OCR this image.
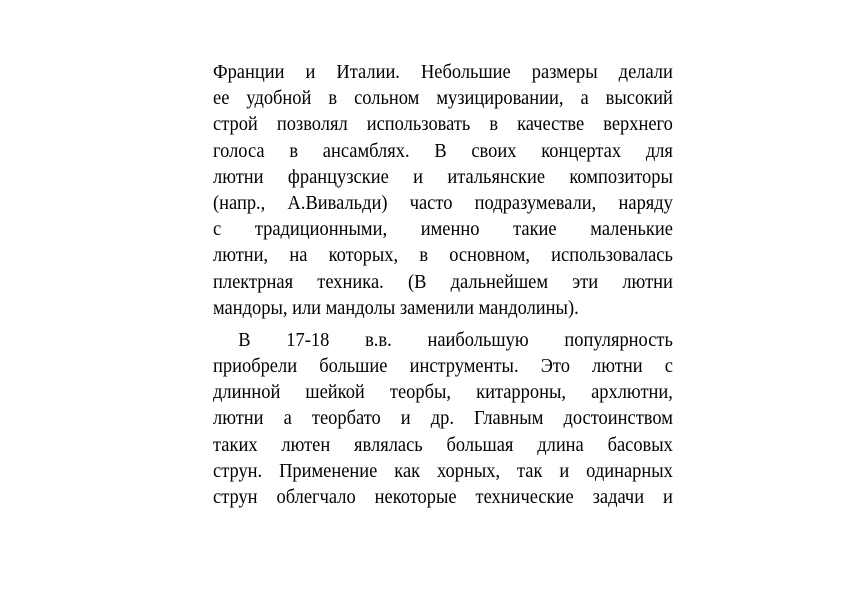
Франции и Италии. Небольшие размеры делали
ее удобной в сольном музицировании, а высокий
строй позволял использовать в качестве верхнего
голоса в ансамблях. В своих концертах для
лютни французские и итальянские композиторы
(напр., А.Вивальди) часто подразумевали, наряду
с традиционными, именно такие маленькие
лютни, на которых, в основном, использовалась
плектрная техника. (В дальнейшем эти лютни
мандоры, или мандолы заменили мандолины).

В 17-18 в.в. наибольшую популярность
приобрели большие инструменты. Это лютни с
длинной шейкой теорбы, китарроны, архлютни,
лютни а теорбато и др. Главным достоинством
таких лютен являлась большая длина басовых
струн. Применение как хорных, так и одинарных
струн облегчало некоторые технические задачи и
